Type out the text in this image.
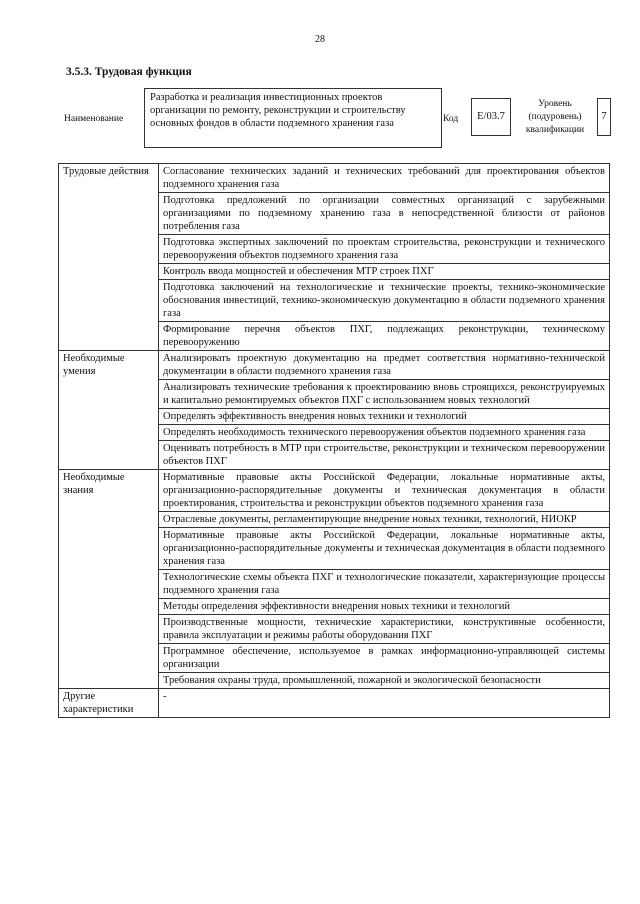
28
3.5.3. Трудовая функция
Наименование
Разработка и реализация инвестиционных проектов организации по ремонту, реконструкции и строительству основных фондов в области подземного хранения газа	Код	E/03.7
Уровень (подуровень) квалификации
7
Трудовые действия	Согласование технических заданий и технических требований для проектирования объектов подземного хранения газа
	Подготовка предложений по организации совместных организаций с зарубежными организациями по подземному хранению газа в непосредственной близости от районов потребления газа
	Подготовка экспертных заключений по проектам строительства, реконструкции и технического перевооружения объектов подземного хранения газа
	Контроль ввода мощностей и обеспечения МТР строек ПХГ
	Подготовка заключений на технологические и технические проекты, технико-экономические обоснования инвестиций, технико-экономическую документацию в области подземного хранения газа
	Формирование перечня объектов ПХГ, подлежащих реконструкции, техническому перевооружению
Необходимые умения	Анализировать проектную документацию на предмет соответствия нормативно-технической документации в области подземного хранения газа
	Анализировать технические требования к проектированию вновь строящихся, реконструируемых и капитально ремонтируемых объектов ПХГ с использованием новых технологий
	Определять эффективность внедрения новых техники и технологий
	Определять необходимость технического перевооружения объектов подземного хранения газа
	Оценивать потребность в МТР при строительстве, реконструкции и техническом перевооружении объектов ПХГ
Необходимые знания	Нормативные правовые акты Российской Федерации, локальные нормативные акты, организационно-распорядительные документы и техническая документация в области проектирования, строительства и реконструкции объектов подземного хранения газа
	Отраслевые документы, регламентирующие внедрение новых техники, технологий, НИОКР
	Нормативные правовые акты Российской Федерации, локальные нормативные акты, организационно-распорядительные документы и техническая документация в области подземного хранения газа
	Технологические схемы объекта ПХГ и технологические показатели, характеризующие процессы подземного хранения газа
	Методы определения эффективности внедрения новых техники и технологий
	Производственные мощности, технические характеристики, конструктивные особенности, правила эксплуатации и режимы работы оборудования ПХГ
	Программное обеспечение, используемое в рамках информационно-управляющей системы организации
	Требования охраны труда, промышленной, пожарной и экологической безопасности
Другие характеристики	-
